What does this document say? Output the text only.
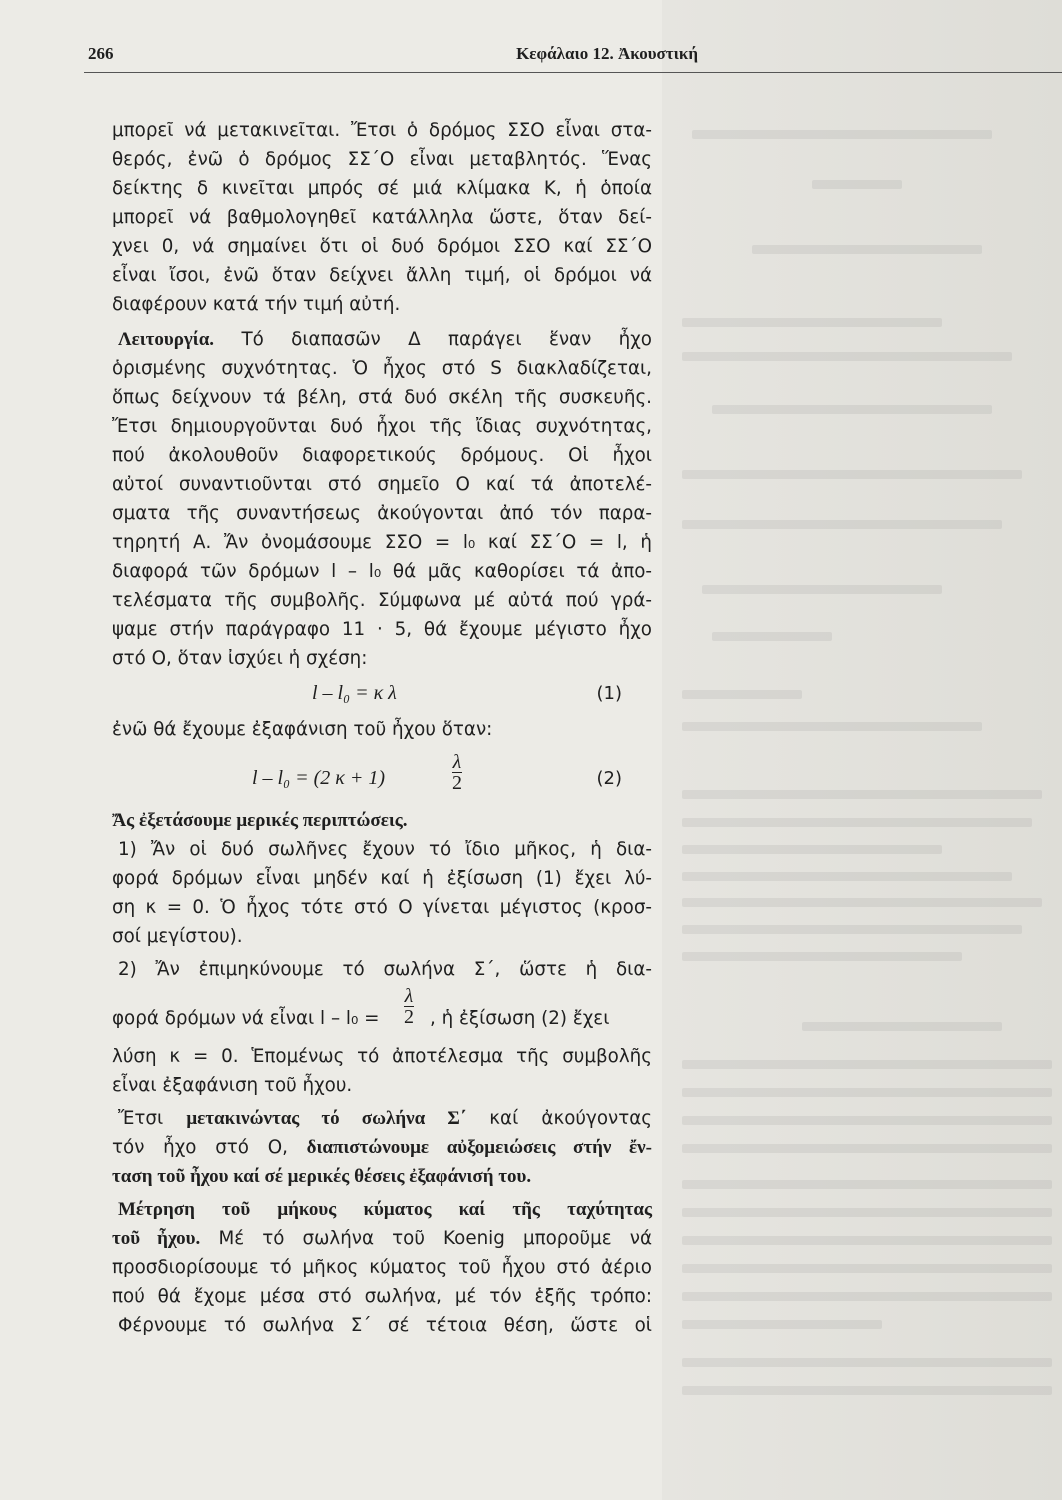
266	Κεφάλαιο 12. Ἀκουστική
μπορεῖ νά μετακινεῖται. Ἔτσι ὁ δρόμος ΣΣΟ εἶναι στα-
θερός, ἐνῶ ὁ δρόμος ΣΣ΄Ο εἶναι μεταβλητός. Ἕνας
δείκτης δ κινεῖται μπρός σέ μιά κλίμακα Κ, ἡ ὁποία
μπορεῖ νά βαθμολογηθεῖ κατάλληλα ὥστε, ὅταν δεί-
χνει 0, νά σημαίνει ὅτι οἱ δυό δρόμοι ΣΣΟ καί ΣΣ΄Ο
εἶναι ἴσοι, ἐνῶ ὅταν δείχνει ἄλλη τιμή, οἱ δρόμοι νά
διαφέρουν κατά τήν τιμή αὐτή.
Λειτουργία. Τό διαπασῶν Δ παράγει ἕναν ἦχο
ὁρισμένης συχνότητας. Ὁ ἦχος στό S διακλαδίζεται,
ὅπως δείχνουν τά βέλη, στά δυό σκέλη τῆς συσκευῆς.
Ἔτσι δημιουργοῦνται δυό ἦχοι τῆς ἴδιας συχνότητας,
πού ἀκολουθοῦν διαφορετικούς δρόμους. Οἱ ἦχοι
αὐτοί συναντιοῦνται στό σημεῖο Ο καί τά ἀποτελέ-
σματα τῆς συναντήσεως ἀκούγονται ἀπό τόν παρα-
τηρητή Α. Ἄν ὀνομάσουμε ΣΣΟ = l₀ καί ΣΣ΄Ο = l, ἡ
διαφορά τῶν δρόμων l – l₀ θά μᾶς καθορίσει τά ἀπο-
τελέσματα τῆς συμβολῆς. Σύμφωνα μέ αὐτά πού γρά-
ψαμε στήν παράγραφο 11 · 5, θά ἔχουμε μέγιστο ἦχο
στό Ο, ὅταν ἰσχύει ἡ σχέση:
l – l₀ = κ λ	(1)
ἐνῶ θά ἔχουμε ἐξαφάνιση τοῦ ἦχου ὅταν:
l – l₀ = (2 κ + 1)	$\frac{\lambda}{2}$	(2)
Ἄς ἐξετάσουμε μερικές περιπτώσεις.
1) Ἄν οἱ δυό σωλῆνες ἔχουν τό ἴδιο μῆκος, ἡ δια-
φορά δρόμων εἶναι μηδέν καί ἡ ἐξίσωση (1) ἔχει λύ-
ση κ = 0. Ὁ ἦχος τότε στό Ο γίνεται μέγιστος (κροσ-
σοί μεγίστου).
2) Ἄν ἐπιμηκύνουμε τό σωλήνα Σ΄, ὥστε ἡ δια-
φορά δρόμων νά εἶναι $l - l_0 = \frac{\lambda}{2}$ , ἡ ἐξίσωση (2) ἔχει
λύση κ = 0. Ἑπομένως τό ἀποτέλεσμα τῆς συμβολῆς
εἶναι ἐξαφάνιση τοῦ ἦχου.
Ἔτσι μετακινώντας τό σωλήνα Σ΄ καί ἀκούγοντας
τόν ἦχο στό Ο, διαπιστώνουμε αὐξομειώσεις στήν ἔν-
ταση τοῦ ἦχου καί σέ μερικές θέσεις ἐξαφάνισή του.
Μέτρηση τοῦ μήκους κύματος καί τῆς ταχύτητας
τοῦ ἦχου. Μέ τό σωλήνα τοῦ Koenig μποροῦμε νά
προσδιορίσουμε τό μῆκος κύματος τοῦ ἦχου στό ἀέριο
πού θά ἔχομε μέσα στό σωλήνα, μέ τόν ἑξῆς τρόπο:
Φέρνουμε τό σωλήνα Σ΄ σέ τέτοια θέση, ὥστε οἱ
